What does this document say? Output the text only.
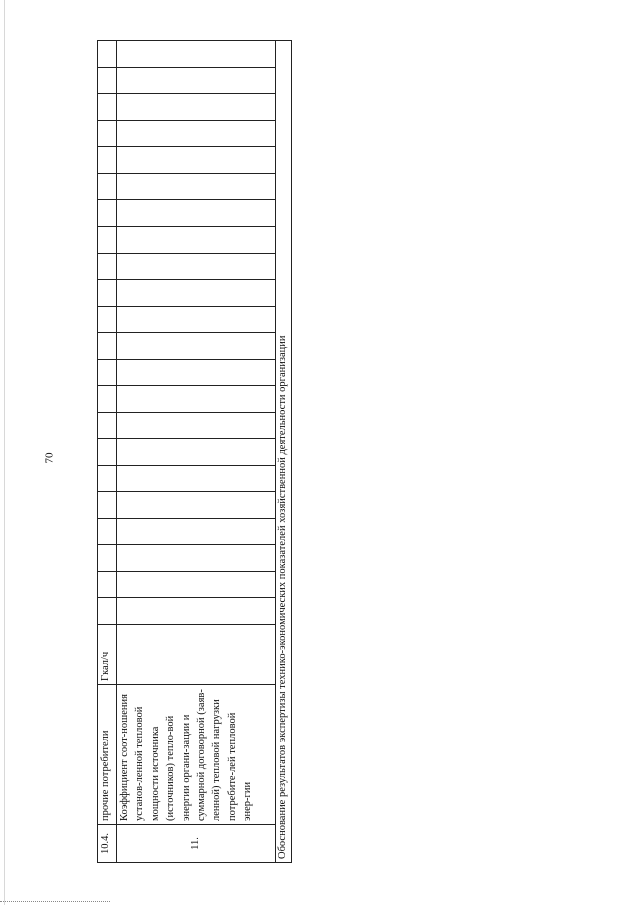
70
10.4.	прочие потребители	Гкал/ч																						
11.	Коэффициент соот-ношения установ-ленной тепловой мощности источника (источников) тепло-вой энергии органи-зации и суммарной договорной (заяв-ленной) тепловой нагрузки потребите-лей тепловой энер-гии																							
Обоснование результатов экспертизы технико-экономических показателей хозяйственной деятельности организации																								
